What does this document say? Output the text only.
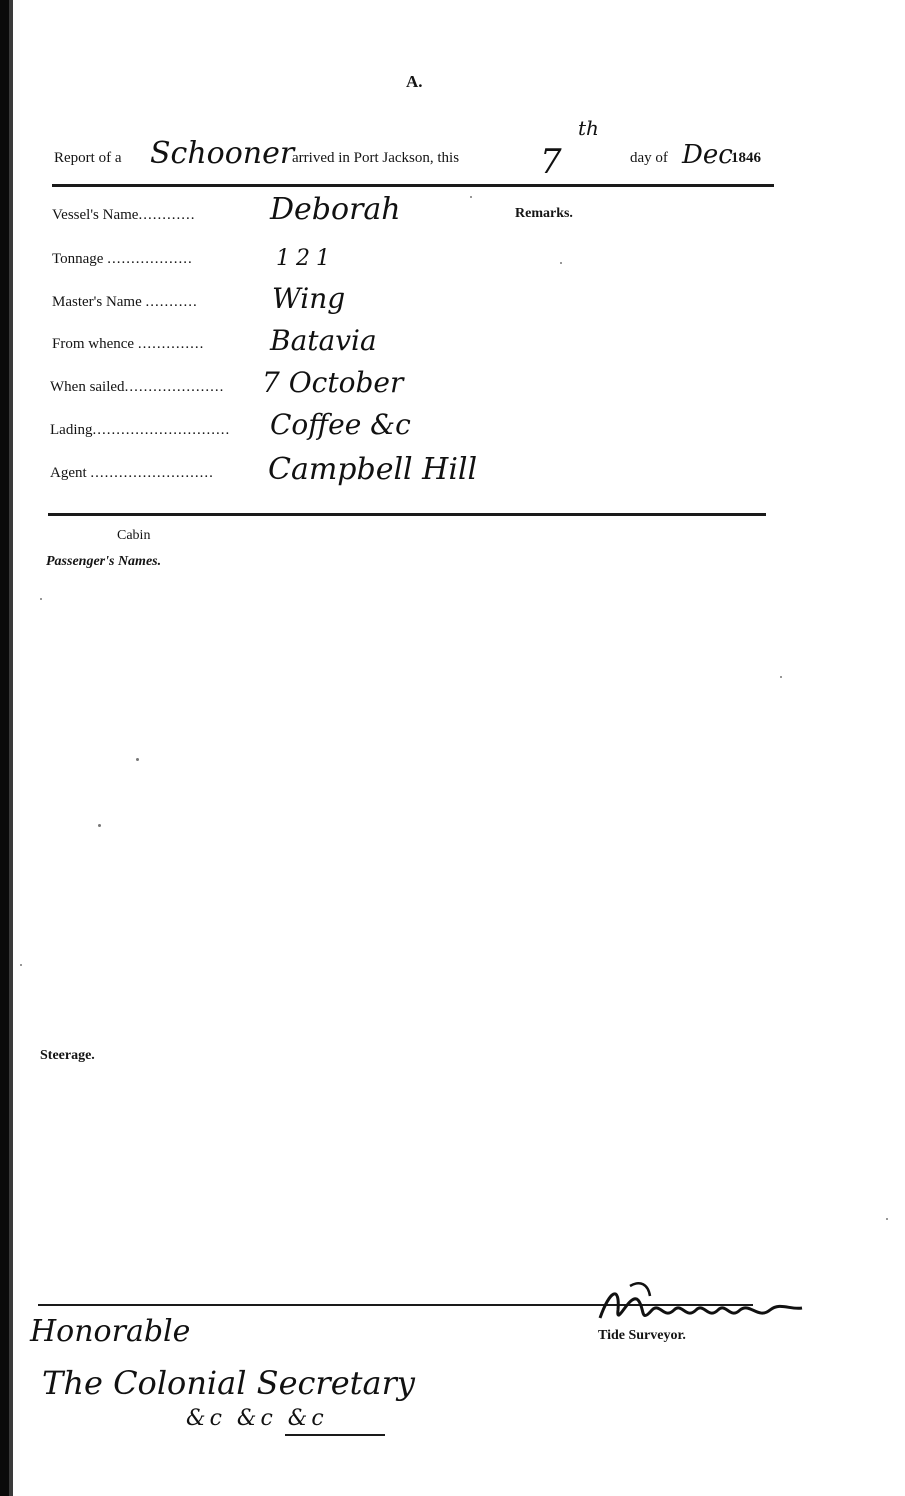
A.
Report of a Schooner
arrived in Port Jackson, this 7
th
day of Dec
1846
Remarks.
Vessel's Name............ Deborah
Tonnage ..................	121
Master's Name ...........	Wing
From whence .............. Batavia
When sailed..................... 7 October
Lading............................. Coffee &c
Agent .......................... Campbell Hill
Cabin
Passenger's Names.
Steerage.
Tide Surveyor.
Honorable
The Colonial Secretary
&c &c &c
